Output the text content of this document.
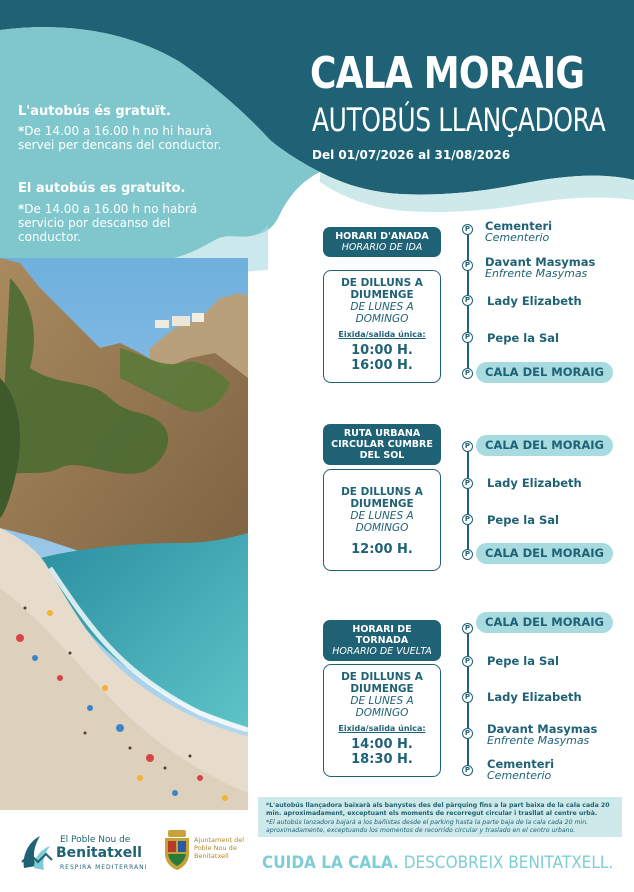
CALA MORAIG
AUTOBÚS LLANÇADORA
Del 01/07/2026 al 31/08/2026
L'autobús és gratuït.
*De 14.00 a 16.00 h no hi haurà servei per dencans del conductor.
El autobús es gratuito.
*De 14.00 a 16.00 h no habrá servicio por descanso del conductor.	HORARI D'ANADA
HORARIO DE IDA
DE DILLUNS A DIUMENGE
DE LUNES A DOMINGO
Eixida/salida única:
10:00 H.
16:00 H.
P Cementeri
Cementerio
P Davant Masymas
Enfrente Masymas
P Lady Elizabeth
P Pepe la Sal
P	CALA DEL MORAIG
RUTA URBANA CIRCULAR CUMBRE DEL SOL
DE DILLUNS A DIUMENGE
DE LUNES A DOMINGO
12:00 H.
P	CALA DEL MORAIG
P Lady Elizabeth
P Pepe la Sal
P	CALA DEL MORAIG
HORARI DE TORNADA
HORARIO DE VUELTA
DE DILLUNS A DIUMENGE
DE LUNES A DOMINGO
Eixida/salida única:
14:00 H.
18:30 H.
P	CALA DEL MORAIG
P Pepe la Sal
P Lady Elizabeth
P Davant Masymas
Enfrente Masymas
P Cementeri
Cementerio
*L'autobús llançadora baixarà als banystes des del pàrquing fins a la part baixa de la cala cada 20 min. aproximadament, exceptuant els moments de recorregut circular i trasllat al centre urbà.
*El autobús lanzadora bajará a los bañistas desde el parking hasta la parte baja de la cala cada 20 min. aproximadamente, exceptuando los momentos de recorrido circular y traslado en el centro urbano.
El Poble Nou de
Benitatxell
RESPIRA MEDITERRANI
Ajuntament del Poble Nou de Benitatxell	CUIDA LA CALA. DESCOBREIX BENITATXELL.
